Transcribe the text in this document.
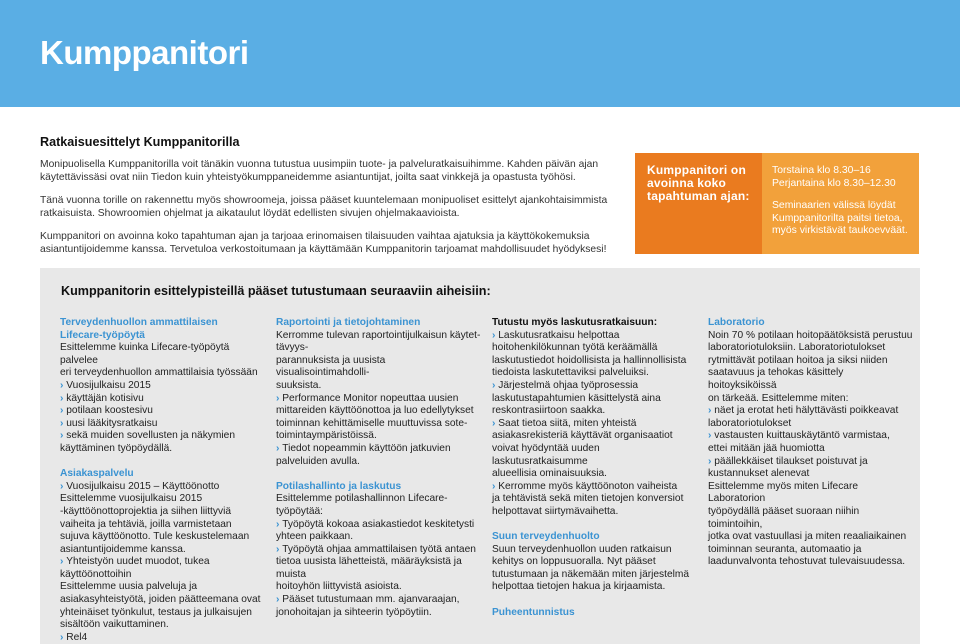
Kumppanitori
Ratkaisuesittelyt Kumppanitorilla

Monipuolisella Kumppanitorilla voit tänäkin vuonna tutustua uusimpiin tuote- ja palveluratkaisuihimme. Kahden päivän ajan käytettävissäsi ovat niin Tiedon kuin yhteistyökumppaneidemme asiantuntijat, joilta saat vinkkejä ja opastusta työhösi.

Tänä vuonna torille on rakennettu myös showroomeja, joissa pääset kuuntelemaan monipuoliset esittelyt ajankohtaisimmista ratkaisuista. Showroomien ohjelmat ja aikataulut löydät edellisten sivujen ohjelmakaavioista.

Kumppanitori on avoinna koko tapahtuman ajan ja tarjoaa erinomaisen tilaisuuden vaihtaa ajatuksia ja käyttökokemuksia asiantuntijoidemme kanssa. Tervetuloa verkostoitumaan ja käyttämään Kumppanitorin tarjoamat mahdollisuudet hyödyksesi!

Kumppanitori on avoinna koko tapahtuman ajan:
Torstaina klo 8.30–16
Perjantaina klo 8.30–12.30
Seminaarien välissä löydät Kumppanitorilta paitsi tietoa, myös virkistävät taukoevväät.
Kumppanitorin esittelypisteillä pääset tutustumaan seuraaviin aiheisiin:
Terveydenhuollon ammattilaisen
Lifecare-työpöytä
Esittelemme kuinka Lifecare-työpöytä palvelee
eri terveydenhuollon ammattilaisia työssään
› Vuosijulkaisu 2015
› käyttäjän kotisivu
› potilaan koostesivu
› uusi lääkitysratkaisu
› sekä muiden sovellusten ja näkymien
käyttäminen työpöydällä.
Asiakaspalvelu
› Vuosijulkaisu 2015 – Käyttöönotto
Esittelemme vuosijulkaisu 2015
-käyttöönottoprojektia ja siihen liittyviä
vaiheita ja tehtäviä, joilla varmistetaan
sujuva käyttöönotto. Tule keskustelemaan
asiantuntijoidemme kanssa.
› Yhteistyön uudet muodot, tukea
käyttöönottoihin
Esittelemme uusia palveluja ja
asiakasyhteistyötä, joiden päätteemana ovat
yhteinäiset työnkulut, testaus ja julkaisujen
sisältöön vaikuttaminen.
› Rel4
Raportointi ja tietojohtaminen
Kerromme tulevan raportointijulkaisun käytet-
tävyys-
parannuksista ja uusista visualisointimahdolli-
suuksista.
› Performance Monitor nopeuttaa uusien
mittareiden käyttöönottoa ja luo edellytykset
toiminnan kehittämiselle muuttuvissa sote-
toimintaympäristöissä.
› Tiedot nopeammin käyttöön jatkuvien
palveluiden avulla.
Potilashallinto ja laskutus
Esittelemme potilashallinnon Lifecare-
työpöytää:
› Työpöytä kokoaa asiakastiedot keskitetysti
yhteen paikkaan.
› Työpöytä ohjaa ammattilaisen työtä antaen
tietoa uusista lähetteistä, määräyksistä ja muista
hoitoyhön liittyvistä asioista.
› Pääset tutustumaan mm. ajanvaraajan,
jonohoitajan ja sihteerin työpöytiin.
Tutustu myös laskutusratkaisuun:
› Laskutusratkaisu helpottaa
hoitohenkilökunnan työtä keräämällä
laskutustiedot hoidollisista ja hallinnollisista
tiedoista laskutettaviksi palveluiksi.
› Järjestelmä ohjaa työprosessia
laskutustapahtumien käsittelystä aina
reskontrasiirtoon saakka.
› Saat tietoa siitä, miten yhteistä
asiakasrekisteriä käyttävät organisaatiot
voivat hyödyntää uuden laskutusratkaisumme
alueellisia ominaisuuksia.
› Kerromme myös käyttöönoton vaiheista
ja tehtävistä sekä miten tietojen konversiot
helpottavat siirtymävaihetta.
Suun terveydenhuolto
Suun terveydenhuollon uuden ratkaisun
kehitys on loppusuoralla. Nyt pääset
tutustumaan ja näkemään miten järjestelmä
helpottaa tietojen hakua ja kirjaamista.
Puheentunnistus
Laboratorio
Noin 70 % potilaan hoitopäätöksistä perustuu
laboratoriotuloksiin. Laboratoriotulokset
rytmittävät potilaan hoitoa ja siksi niiden
saatavuus ja tehokas käsittely hoitoyksiköissä
on tärkeää. Esittelemme miten:
› näet ja erotat heti hälyttävästi poikkeavat
laboratoriotulokset
› vastausten kuittauskäytäntö varmistaa,
ettei mitään jää huomiotta
› päällekkäiset tilaukset poistuvat ja
kustannukset alenevat
Esittelemme myös miten Lifecare Laboratorion
työpöydällä pääset suoraan niihin toimintoihin,
jotka ovat vastuullasi ja miten reaaliaikainen
toiminnan seuranta, automaatio ja
laadunvalvonta tehostuvat tulevaisuudessa.
